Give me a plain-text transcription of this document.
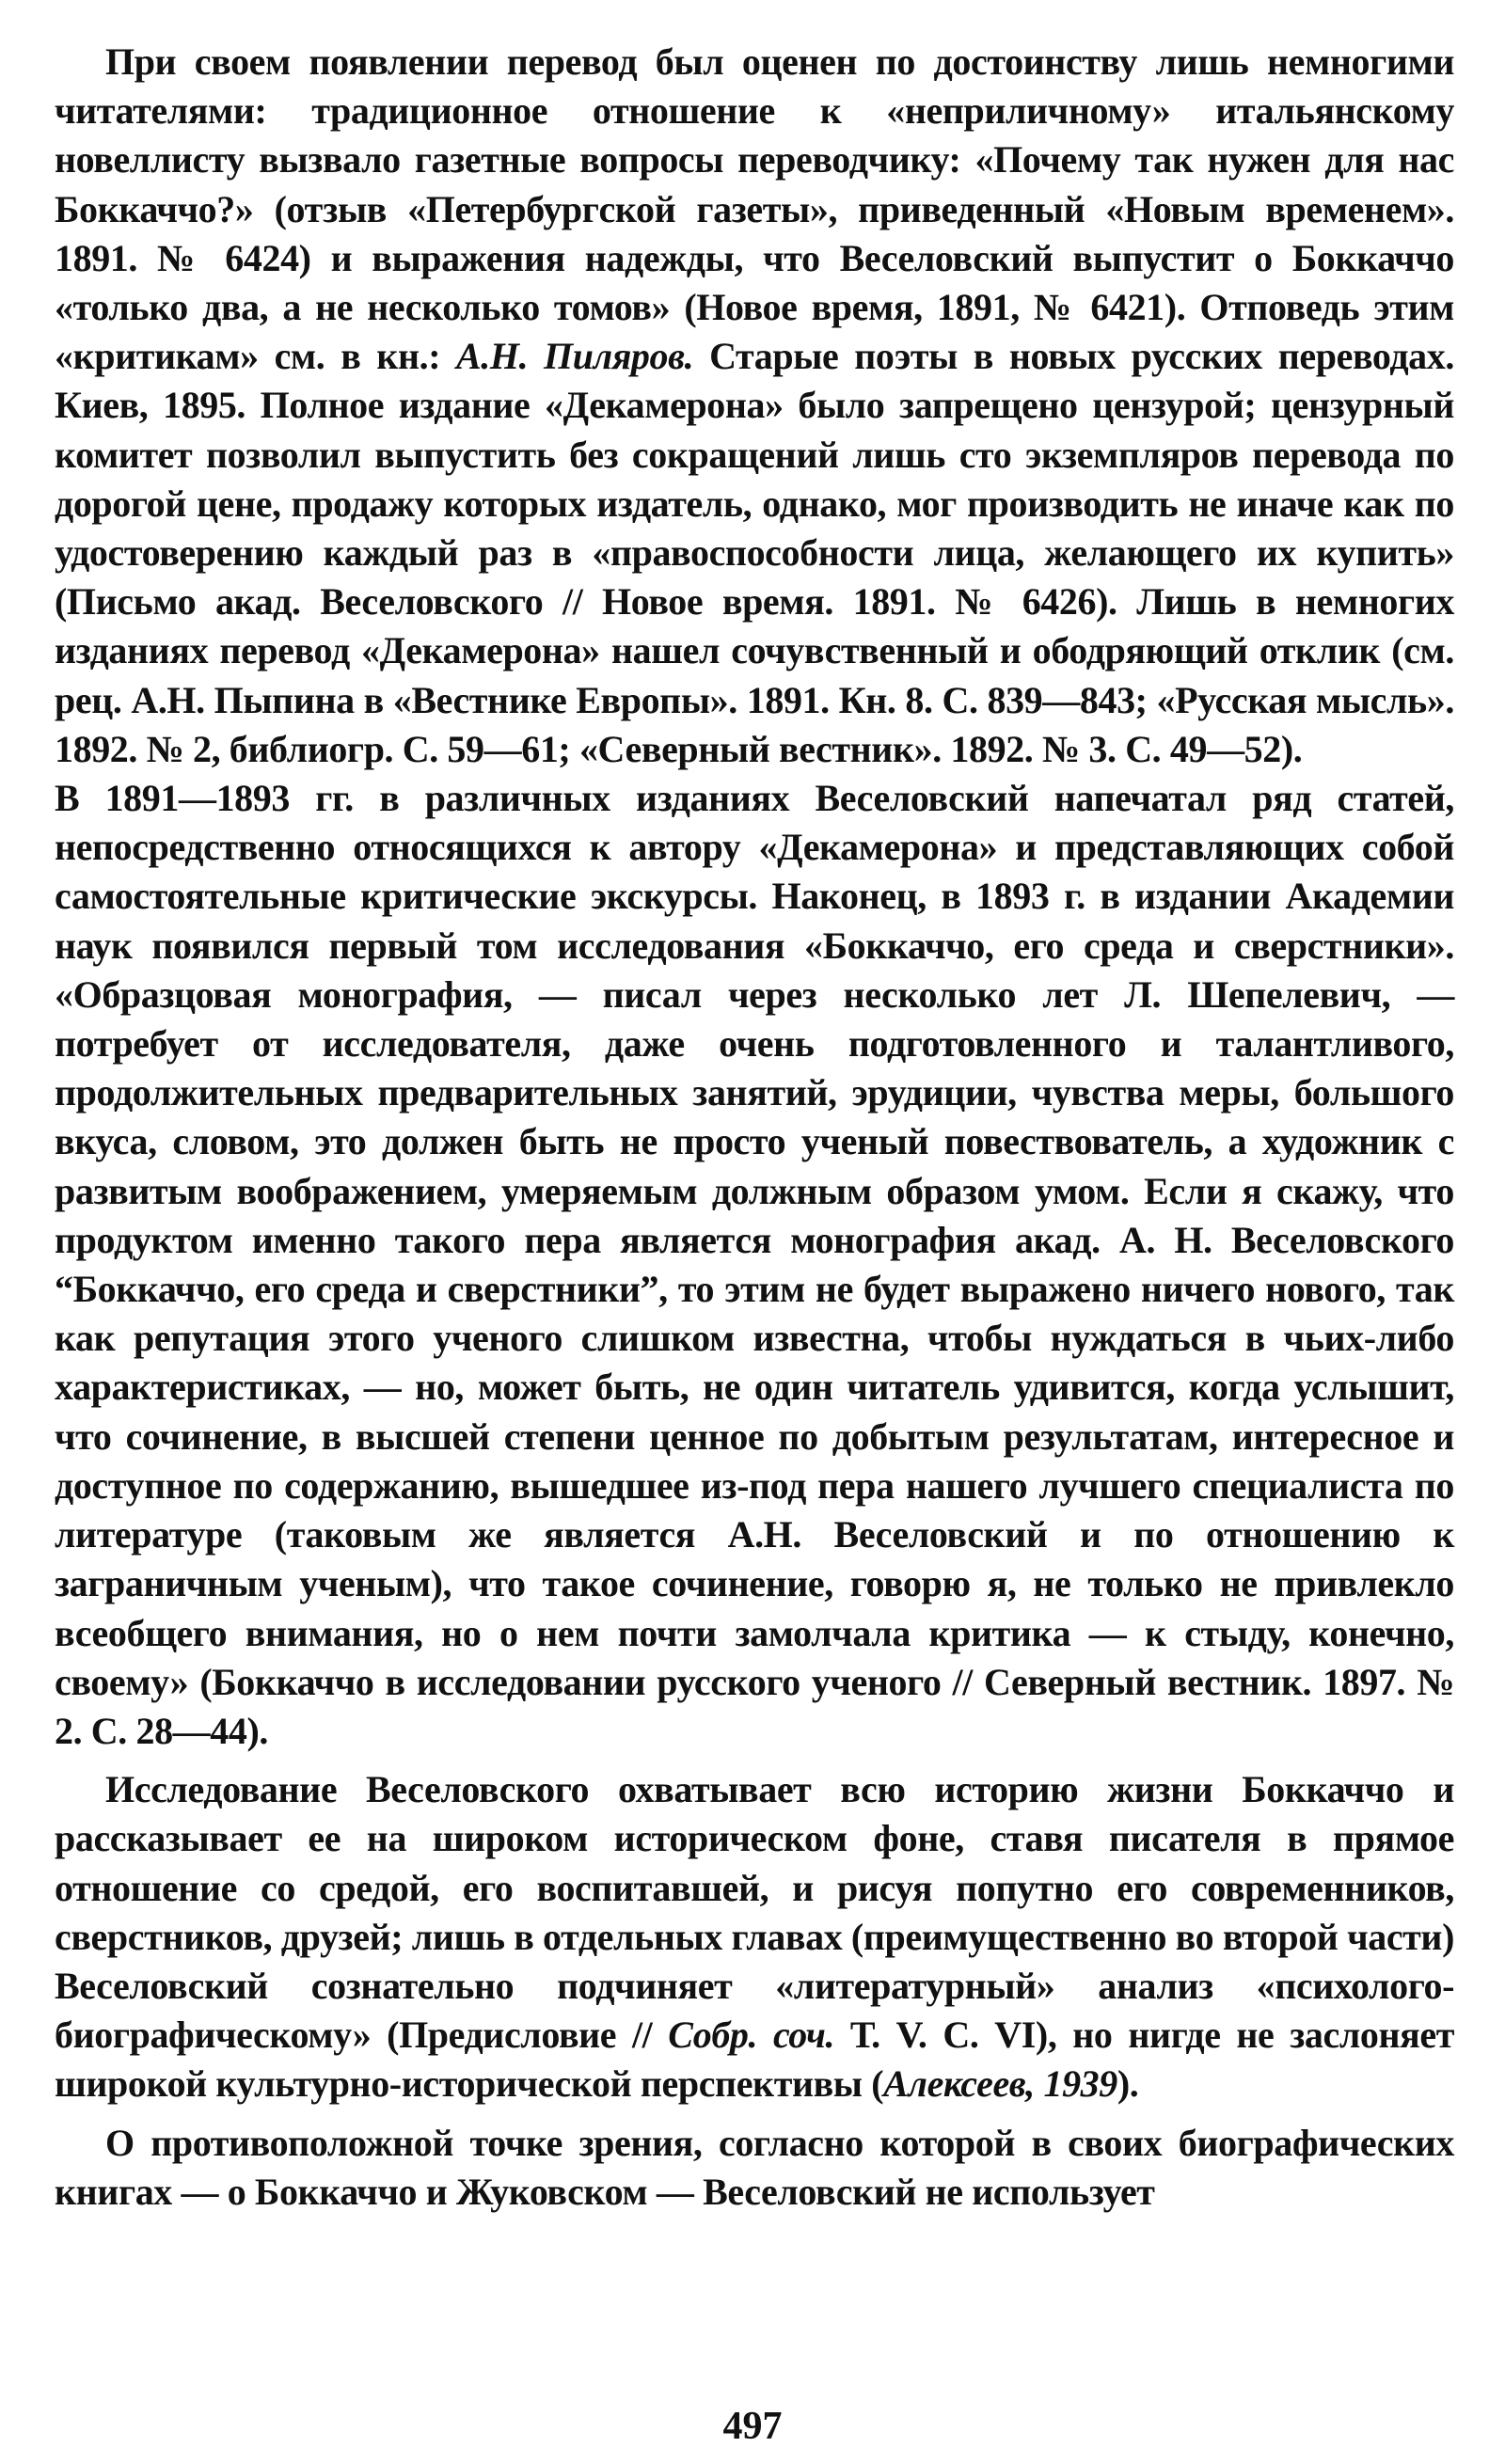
При своем появлении перевод был оценен по достоинству лишь немногими читателями: традиционное отношение к «неприличному» итальянскому новеллисту вызвало газетные вопросы переводчику: «Почему так нужен для нас Боккаччо?» (отзыв «Петербургской газеты», приведенный «Новым временем». 1891. № 6424) и выражения надежды, что Веселовский выпустит о Боккаччо «только два, а не несколько томов» (Новое время, 1891, № 6421). Отповедь этим «критикам» см. в кн.: А.Н. Пиляров. Старые поэты в новых русских переводах. Киев, 1895. Полное издание «Декамерона» было запрещено цензурой; цензурный комитет позволил выпустить без сокращений лишь сто экземпляров перевода по дорогой цене, продажу которых издатель, однако, мог производить не иначе как по удостоверению каждый раз в «правоспособности лица, желающего их купить» (Письмо акад. Веселовского // Новое время. 1891. № 6426). Лишь в немногих изданиях перевод «Декамерона» нашел сочувственный и ободряющий отклик (см. рец. А.Н. Пыпина в «Вестнике Европы». 1891. Кн. 8. С. 839—843; «Русская мысль». 1892. № 2, библиогр. С. 59—61; «Северный вестник». 1892. № 3. С. 49—52).

В 1891—1893 гг. в различных изданиях Веселовский напечатал ряд статей, непосредственно относящихся к автору «Декамерона» и представляющих собой самостоятельные критические экскурсы. Наконец, в 1893 г. в издании Академии наук появился первый том исследования «Боккаччо, его среда и сверстники». «Образцовая монография, — писал через несколько лет Л. Шепелевич, — потребует от исследователя, даже очень подготовленного и талантливого, продолжительных предварительных занятий, эрудиции, чувства меры, большого вкуса, словом, это должен быть не просто ученый повествователь, а художник с развитым воображением, умеряемым должным образом умом. Если я скажу, что продуктом именно такого пера является монография акад. А. Н. Веселовского “Боккаччо, его среда и сверстники”, то этим не будет выражено ничего нового, так как репутация этого ученого слишком известна, чтобы нуждаться в чьих-либо характеристиках, — но, может быть, не один читатель удивится, когда услышит, что сочинение, в высшей степени ценное по добытым результатам, интересное и доступное по содержанию, вышедшее из-под пера нашего лучшего специалиста по литературе (таковым же является А.Н. Веселовский и по отношению к заграничным ученым), что такое сочинение, говорю я, не только не привлекло всеобщего внимания, но о нем почти замолчала критика — к стыду, конечно, своему» (Боккаччо в исследовании русского ученого // Северный вестник. 1897. № 2. С. 28—44).

Исследование Веселовского охватывает всю историю жизни Боккаччо и рассказывает ее на широком историческом фоне, ставя писателя в прямое отношение со средой, его воспитавшей, и рисуя попутно его современников, сверстников, друзей; лишь в отдельных главах (преимущественно во второй части) Веселовский сознательно подчиняет «литературный» анализ «психолого-биографическому» (Предисловие // Собр. соч. Т. V. С. VI), но нигде не заслоняет широкой культурно-исторической перспективы (Алексеев, 1939).

О противоположной точке зрения, согласно которой в своих биографических книгах — о Боккаччо и Жуковском — Веселовский не использует

497
